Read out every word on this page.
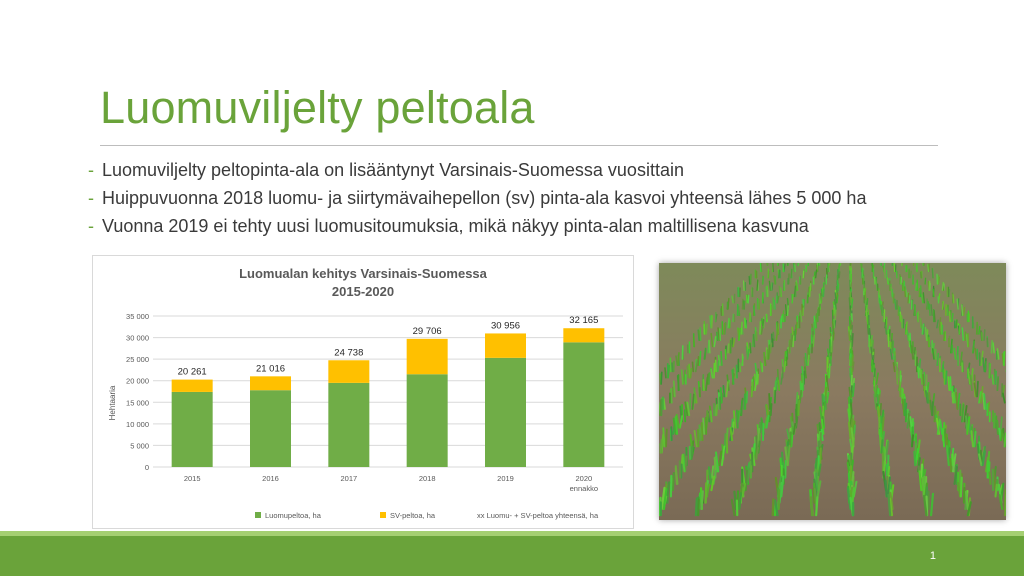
Luomuviljelty peltoala
- Luomuviljelty peltopinta-ala on lisääntynyt Varsinais-Suomessa vuosittain
- Huippuvuonna 2018 luomu- ja siirtymävaihepellon (sv) pinta-ala kasvoi yhteensä lähes 5 000 ha
- Vuonna 2019 ei tehty uusi luomusitoumuksia, mikä näkyy pinta-alan maltillisena kasvuna
Luomualan kehitys Varsinais-Suomessa
2015-2020
Hehtaaria
0
5 000
10 000
15 000
20 000
25 000
30 000
35 000
20 261
2015
21 016
2016
24 738
2017
29 706
2018
30 956
2019
32 165
2020
ennakko
Luomupeltoa, ha	SV-peltoa, ha	xx Luomu- + SV-peltoa yhteensä, ha
1
